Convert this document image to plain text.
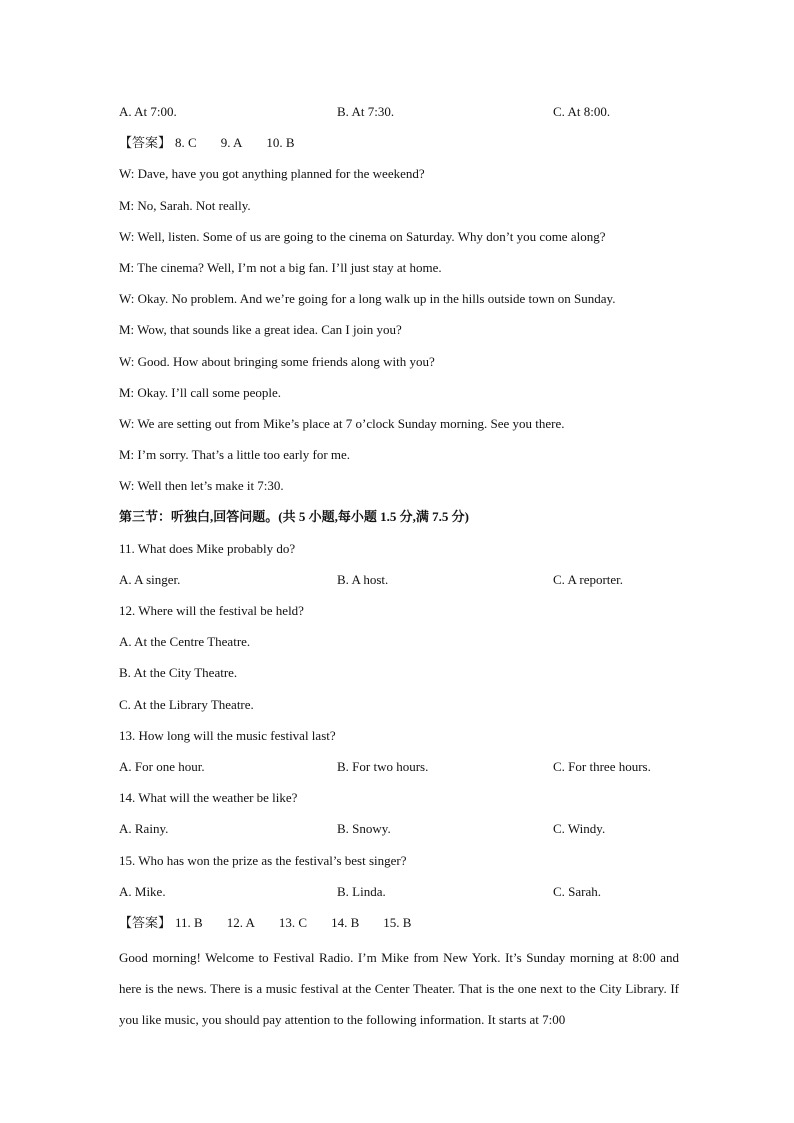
A. At 7:00.	B. At 7:30.	C. At 8:00.
【答案】 8. C 9. A 10. B
W: Dave, have you got anything planned for the weekend?
M: No, Sarah. Not really.
W: Well, listen. Some of us are going to the cinema on Saturday. Why don’t you come along?
M: The cinema? Well, I’m not a big fan. I’ll just stay at home.
W: Okay. No problem. And we’re going for a long walk up in the hills outside town on Sunday.
M: Wow, that sounds like a great idea. Can I join you?
W: Good. How about bringing some friends along with you?
M: Okay. I’ll call some people.
W: We are setting out from Mike’s place at 7 o’clock Sunday morning. See you there.
M: I’m sorry. That’s a little too early for me.
W: Well then let’s make it 7:30.
第三节：听独白,回答问题。(共 5 小题,每小题 1.5 分,满 7.5 分)
11. What does Mike probably do?
A. A singer.	B. A host.	C. A reporter.
12. Where will the festival be held?
A. At the Centre Theatre.
B. At the City Theatre.
C. At the Library Theatre.
13. How long will the music festival last?
A. For one hour.	B. For two hours.	C. For three hours.
14. What will the weather be like?
A. Rainy.	B. Snowy.	C. Windy.
15. Who has won the prize as the festival’s best singer?
A. Mike.	B. Linda.	C. Sarah.
【答案】 11. B 12. A 13. C 14. B 15. B
Good morning! Welcome to Festival Radio. I’m Mike from New York. It’s Sunday morning at 8:00 and here is the news. There is a music festival at the Center Theater. That is the one next to the City Library. If you like music, you should pay attention to the following information. It starts at 7:00
